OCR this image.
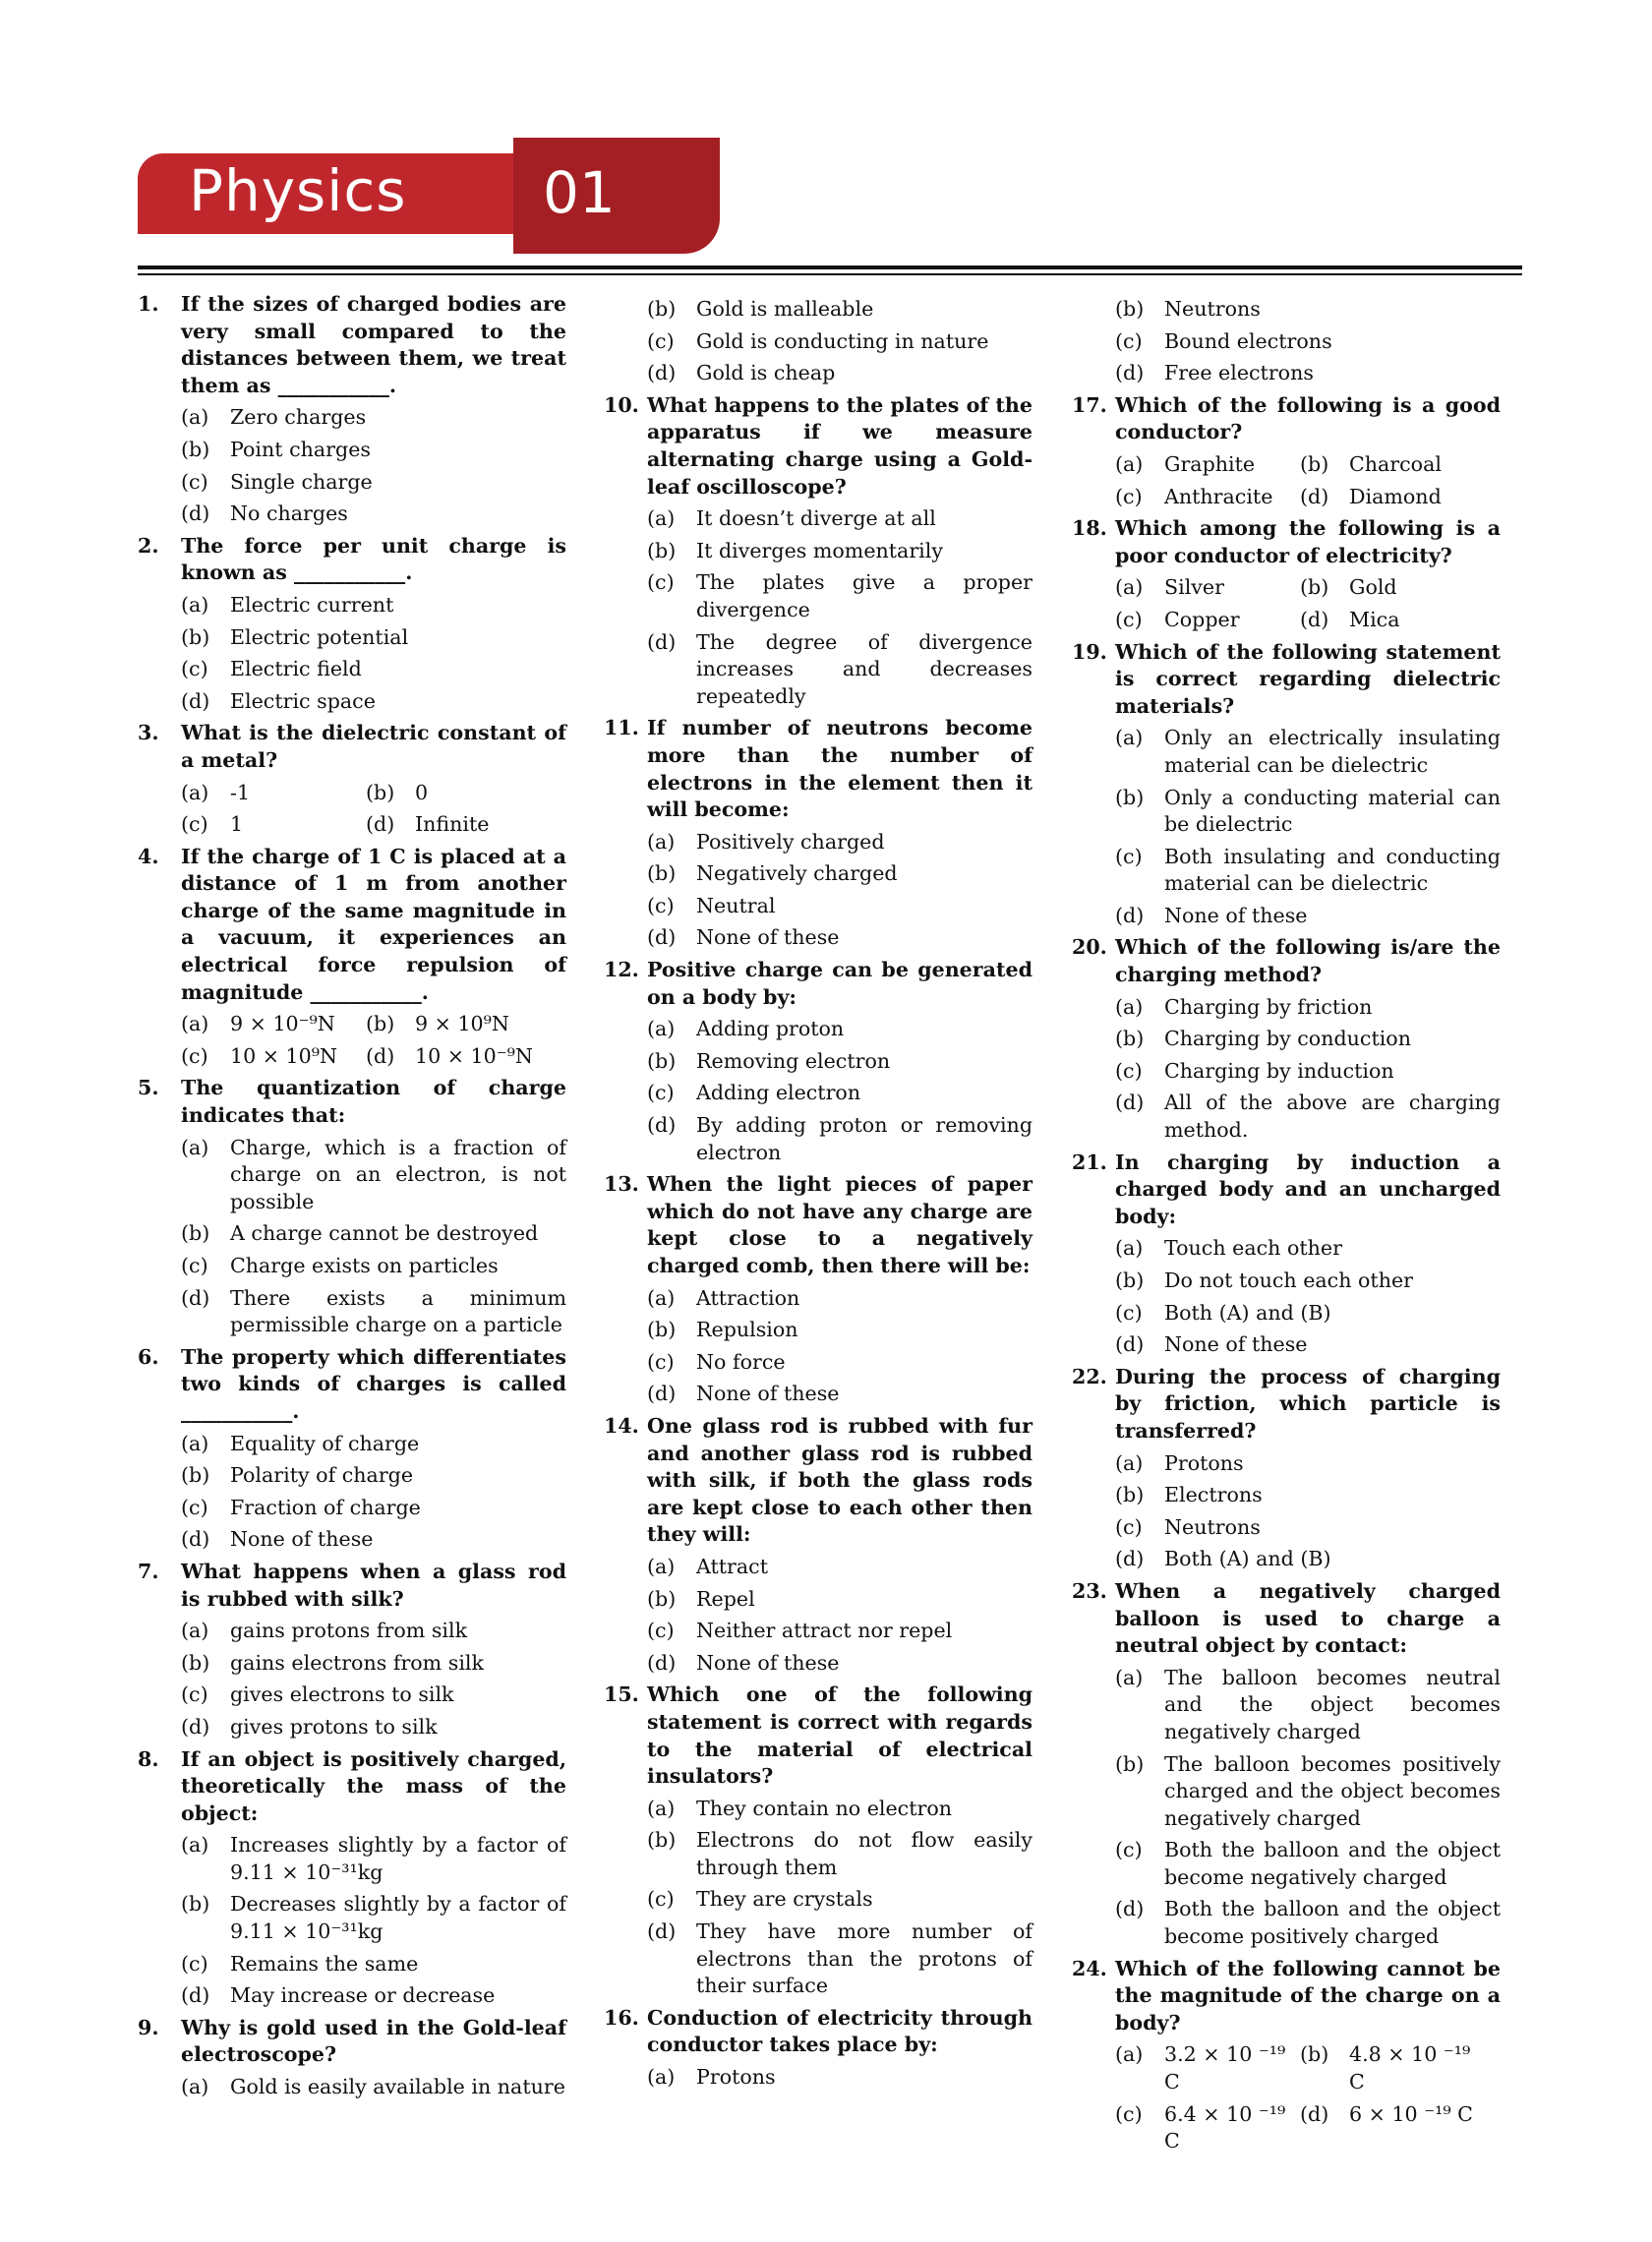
Physics 01
1. If the sizes of charged bodies are very small compared to the distances between them, we treat them as ___________.
(a) Zero charges
(b) Point charges
(c) Single charge
(d) No charges
2. The force per unit charge is known as ___________.
(a) Electric current
(b) Electric potential
(c) Electric field
(d) Electric space
3. What is the dielectric constant of a metal?
(a) -1	(b) 0
(c) 1	(d) Infinite
4. If the charge of 1 C is placed at a distance of 1 m from another charge of the same magnitude in a vacuum, it experiences an electrical force repulsion of magnitude ___________.
(a) 9 × 10⁻⁹N	(b) 9 × 10⁹N
(c) 10 × 10⁹N	(d) 10 × 10⁻⁹N
5. The quantization of charge indicates that:
(a) Charge, which is a fraction of charge on an electron, is not possible
(b) A charge cannot be destroyed
(c) Charge exists on particles
(d) There exists a minimum permissible charge on a particle
6. The property which differentiates two kinds of charges is called ___________.
(a) Equality of charge
(b) Polarity of charge
(c) Fraction of charge
(d) None of these
7. What happens when a glass rod is rubbed with silk?
(a) gains protons from silk
(b) gains electrons from silk
(c) gives electrons to silk
(d) gives protons to silk
8. If an object is positively charged, theoretically the mass of the object:
(a) Increases slightly by a factor of 9.11 × 10⁻³¹kg
(b) Decreases slightly by a factor of 9.11 × 10⁻³¹kg
(c) Remains the same
(d) May increase or decrease
9. Why is gold used in the Gold-leaf electroscope?
(a) Gold is easily available in nature
(b) Gold is malleable
(c) Gold is conducting in nature
(d) Gold is cheap
10. What happens to the plates of the apparatus if we measure alternating charge using a Gold-leaf oscilloscope?
(a) It doesn’t diverge at all
(b) It diverges momentarily
(c) The plates give a proper divergence
(d) The degree of divergence increases and decreases repeatedly
11. If number of neutrons become more than the number of electrons in the element then it will become:
(a) Positively charged
(b) Negatively charged
(c) Neutral
(d) None of these
12. Positive charge can be generated on a body by:
(a) Adding proton
(b) Removing electron
(c) Adding electron
(d) By adding proton or removing electron
13. When the light pieces of paper which do not have any charge are kept close to a negatively charged comb, then there will be:
(a) Attraction
(b) Repulsion
(c) No force
(d) None of these
14. One glass rod is rubbed with fur and another glass rod is rubbed with silk, if both the glass rods are kept close to each other then they will:
(a) Attract
(b) Repel
(c) Neither attract nor repel
(d) None of these
15. Which one of the following statement is correct with regards to the material of electrical insulators?
(a) They contain no electron
(b) Electrons do not flow easily through them
(c) They are crystals
(d) They have more number of electrons than the protons of their surface
16. Conduction of electricity through conductor takes place by:
(a) Protons
(b) Neutrons
(c) Bound electrons
(d) Free electrons
17. Which of the following is a good conductor?
(a) Graphite	(b) Charcoal
(c) Anthracite	(d) Diamond
18. Which among the following is a poor conductor of electricity?
(a) Silver	(b) Gold
(c) Copper	(d) Mica
19. Which of the following statement is correct regarding dielectric materials?
(a) Only an electrically insulating material can be dielectric
(b) Only a conducting material can be dielectric
(c) Both insulating and conducting material can be dielectric
(d) None of these
20. Which of the following is/are the charging method?
(a) Charging by friction
(b) Charging by conduction
(c) Charging by induction
(d) All of the above are charging method.
21. In charging by induction a charged body and an uncharged body:
(a) Touch each other
(b) Do not touch each other
(c) Both (A) and (B)
(d) None of these
22. During the process of charging by friction, which particle is transferred?
(a) Protons
(b) Electrons
(c) Neutrons
(d) Both (A) and (B)
23. When a negatively charged balloon is used to charge a neutral object by contact:
(a) The balloon becomes neutral and the object becomes negatively charged
(b) The balloon becomes positively charged and the object becomes negatively charged
(c) Both the balloon and the object become negatively charged
(d) Both the balloon and the object become positively charged
24. Which of the following cannot be the magnitude of the charge on a body?
(a) 3.2 × 10 ⁻¹⁹ C
(b) 4.8 × 10 ⁻¹⁹ C
(c) 6.4 × 10 ⁻¹⁹ C
(d) 6 × 10 ⁻¹⁹ C
